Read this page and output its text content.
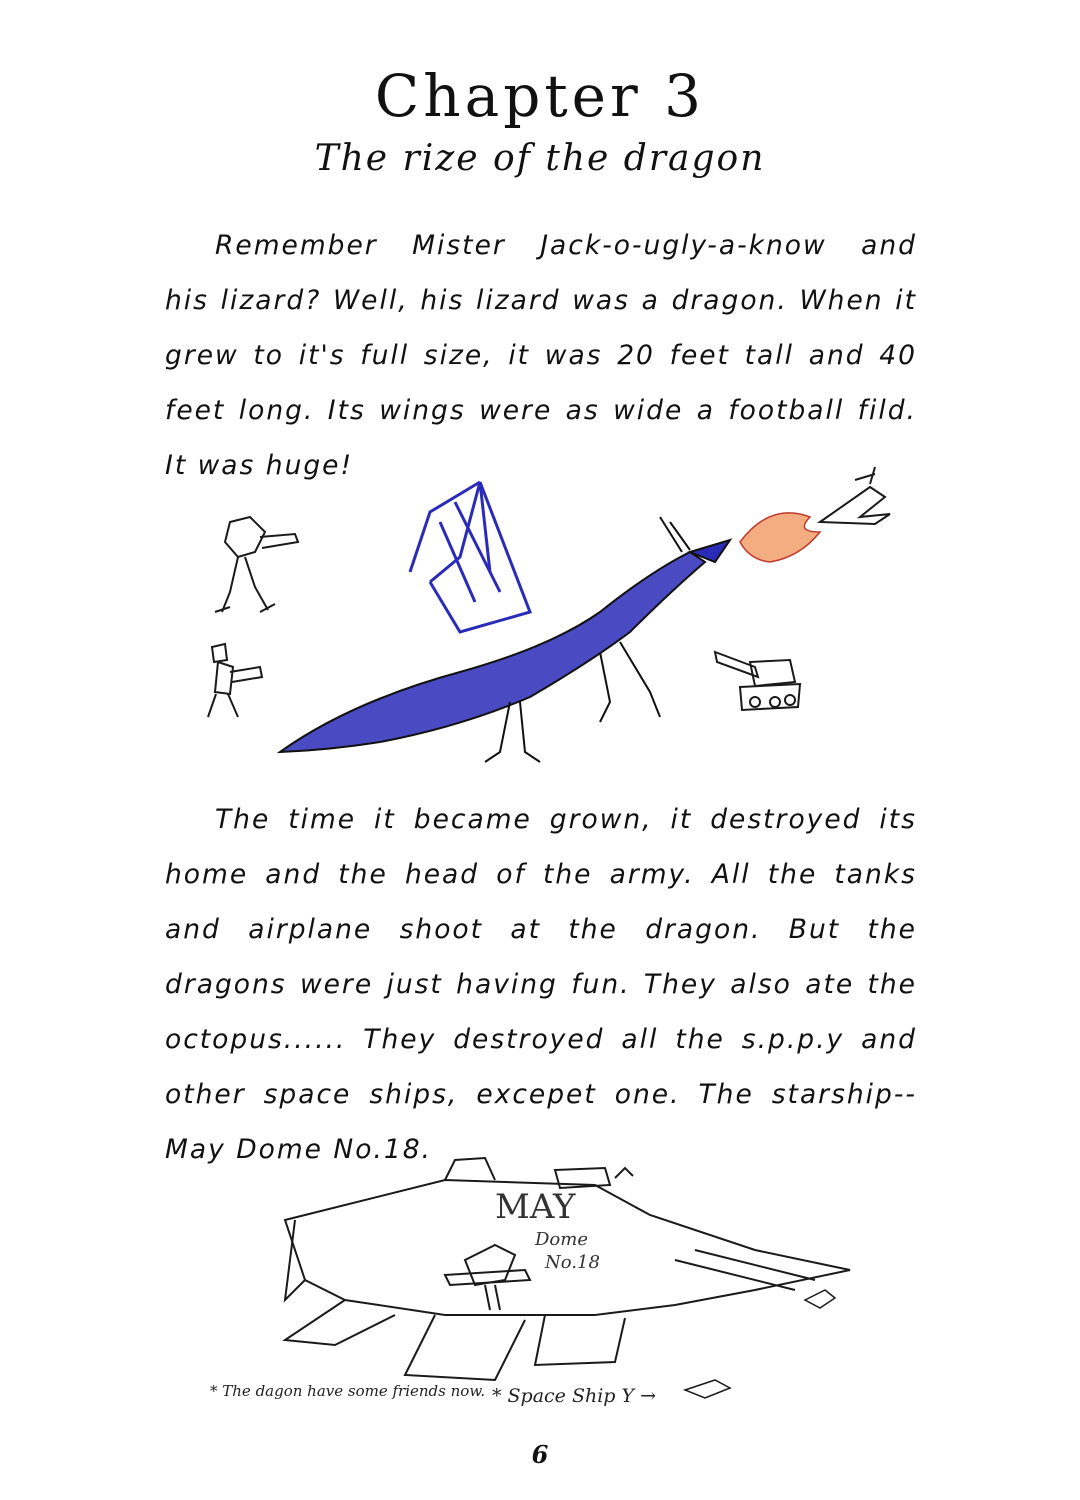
Chapter 3
The rize of the dragon
Remember Mister Jack-o-ugly-a-know and
his lizard? Well, his lizard was a dragon. When it
grew to it's full size, it was 20 feet tall and 40
feet long. Its wings were as wide a football fild.
It was huge!
The time it became grown, it destroyed its
home and the head of the army. All the tanks
and airplane shoot at the dragon. But the
dragons were just having fun. They also ate the
octopus...... They destroyed all the s.p.p.y and
other space ships, excepet one. The starship--
May Dome No.18.
MAY
Dome
No.18
* The dagon have some friends now. * Space Ship Y →
6
